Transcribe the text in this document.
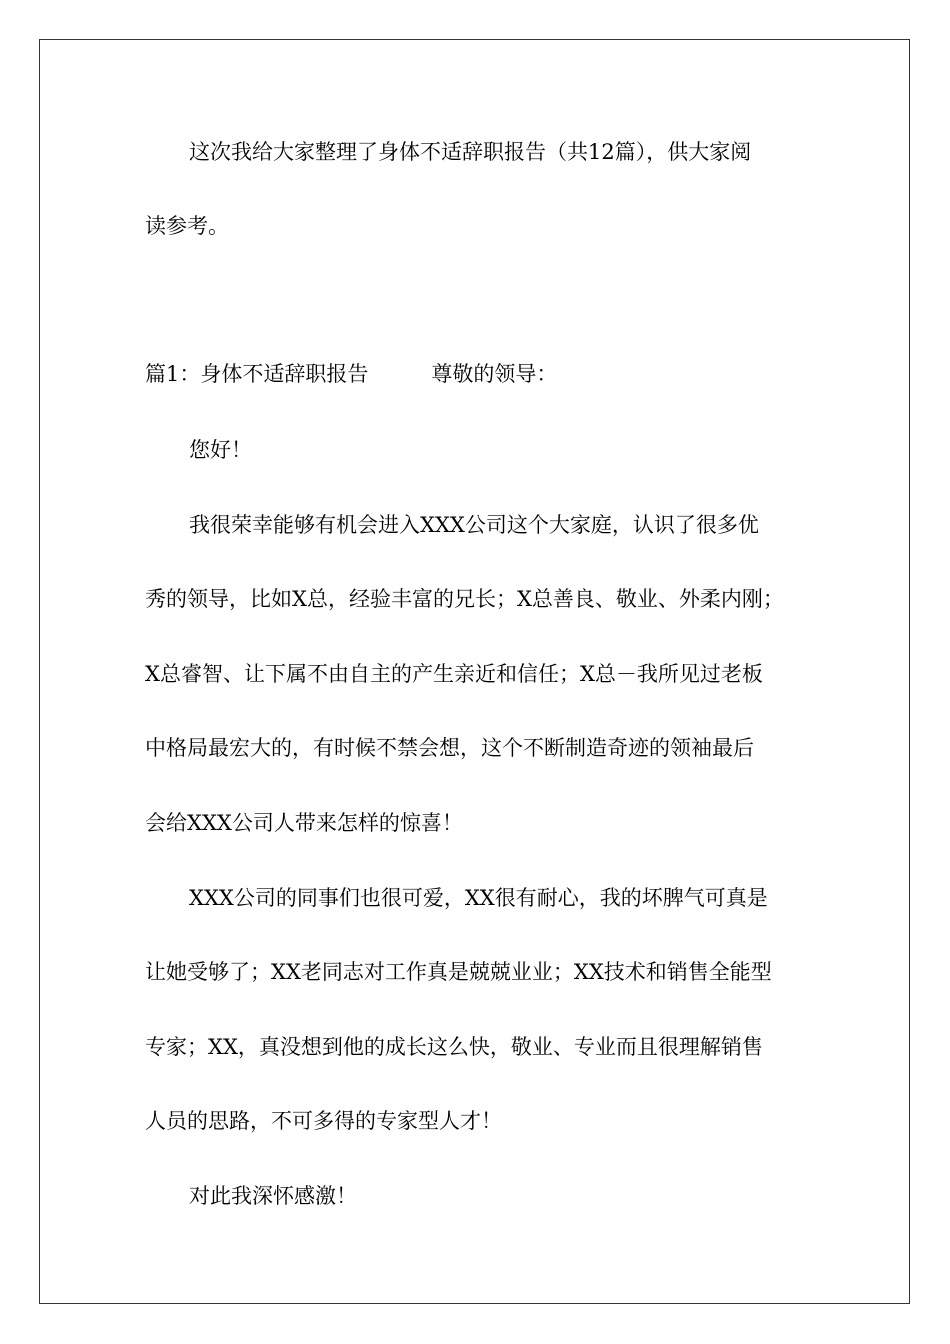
这次我给大家整理了身体不适辞职报告（共12篇），供大家阅
读参考。
篇1：身体不适辞职报告　　　尊敬的领导：
您好！
我很荣幸能够有机会进入XXX公司这个大家庭，认识了很多优
秀的领导，比如X总，经验丰富的兄长；X总善良、敬业、外柔内刚；
X总睿智、让下属不由自主的产生亲近和信任；X总－我所见过老板
中格局最宏大的，有时候不禁会想，这个不断制造奇迹的领袖最后
会给XXX公司人带来怎样的惊喜！
XXX公司的同事们也很可爱，XX很有耐心，我的坏脾气可真是
让她受够了；XX老同志对工作真是兢兢业业；XX技术和销售全能型
专家；XX，真没想到他的成长这么快，敬业、专业而且很理解销售
人员的思路，不可多得的专家型人才！
对此我深怀感激！
